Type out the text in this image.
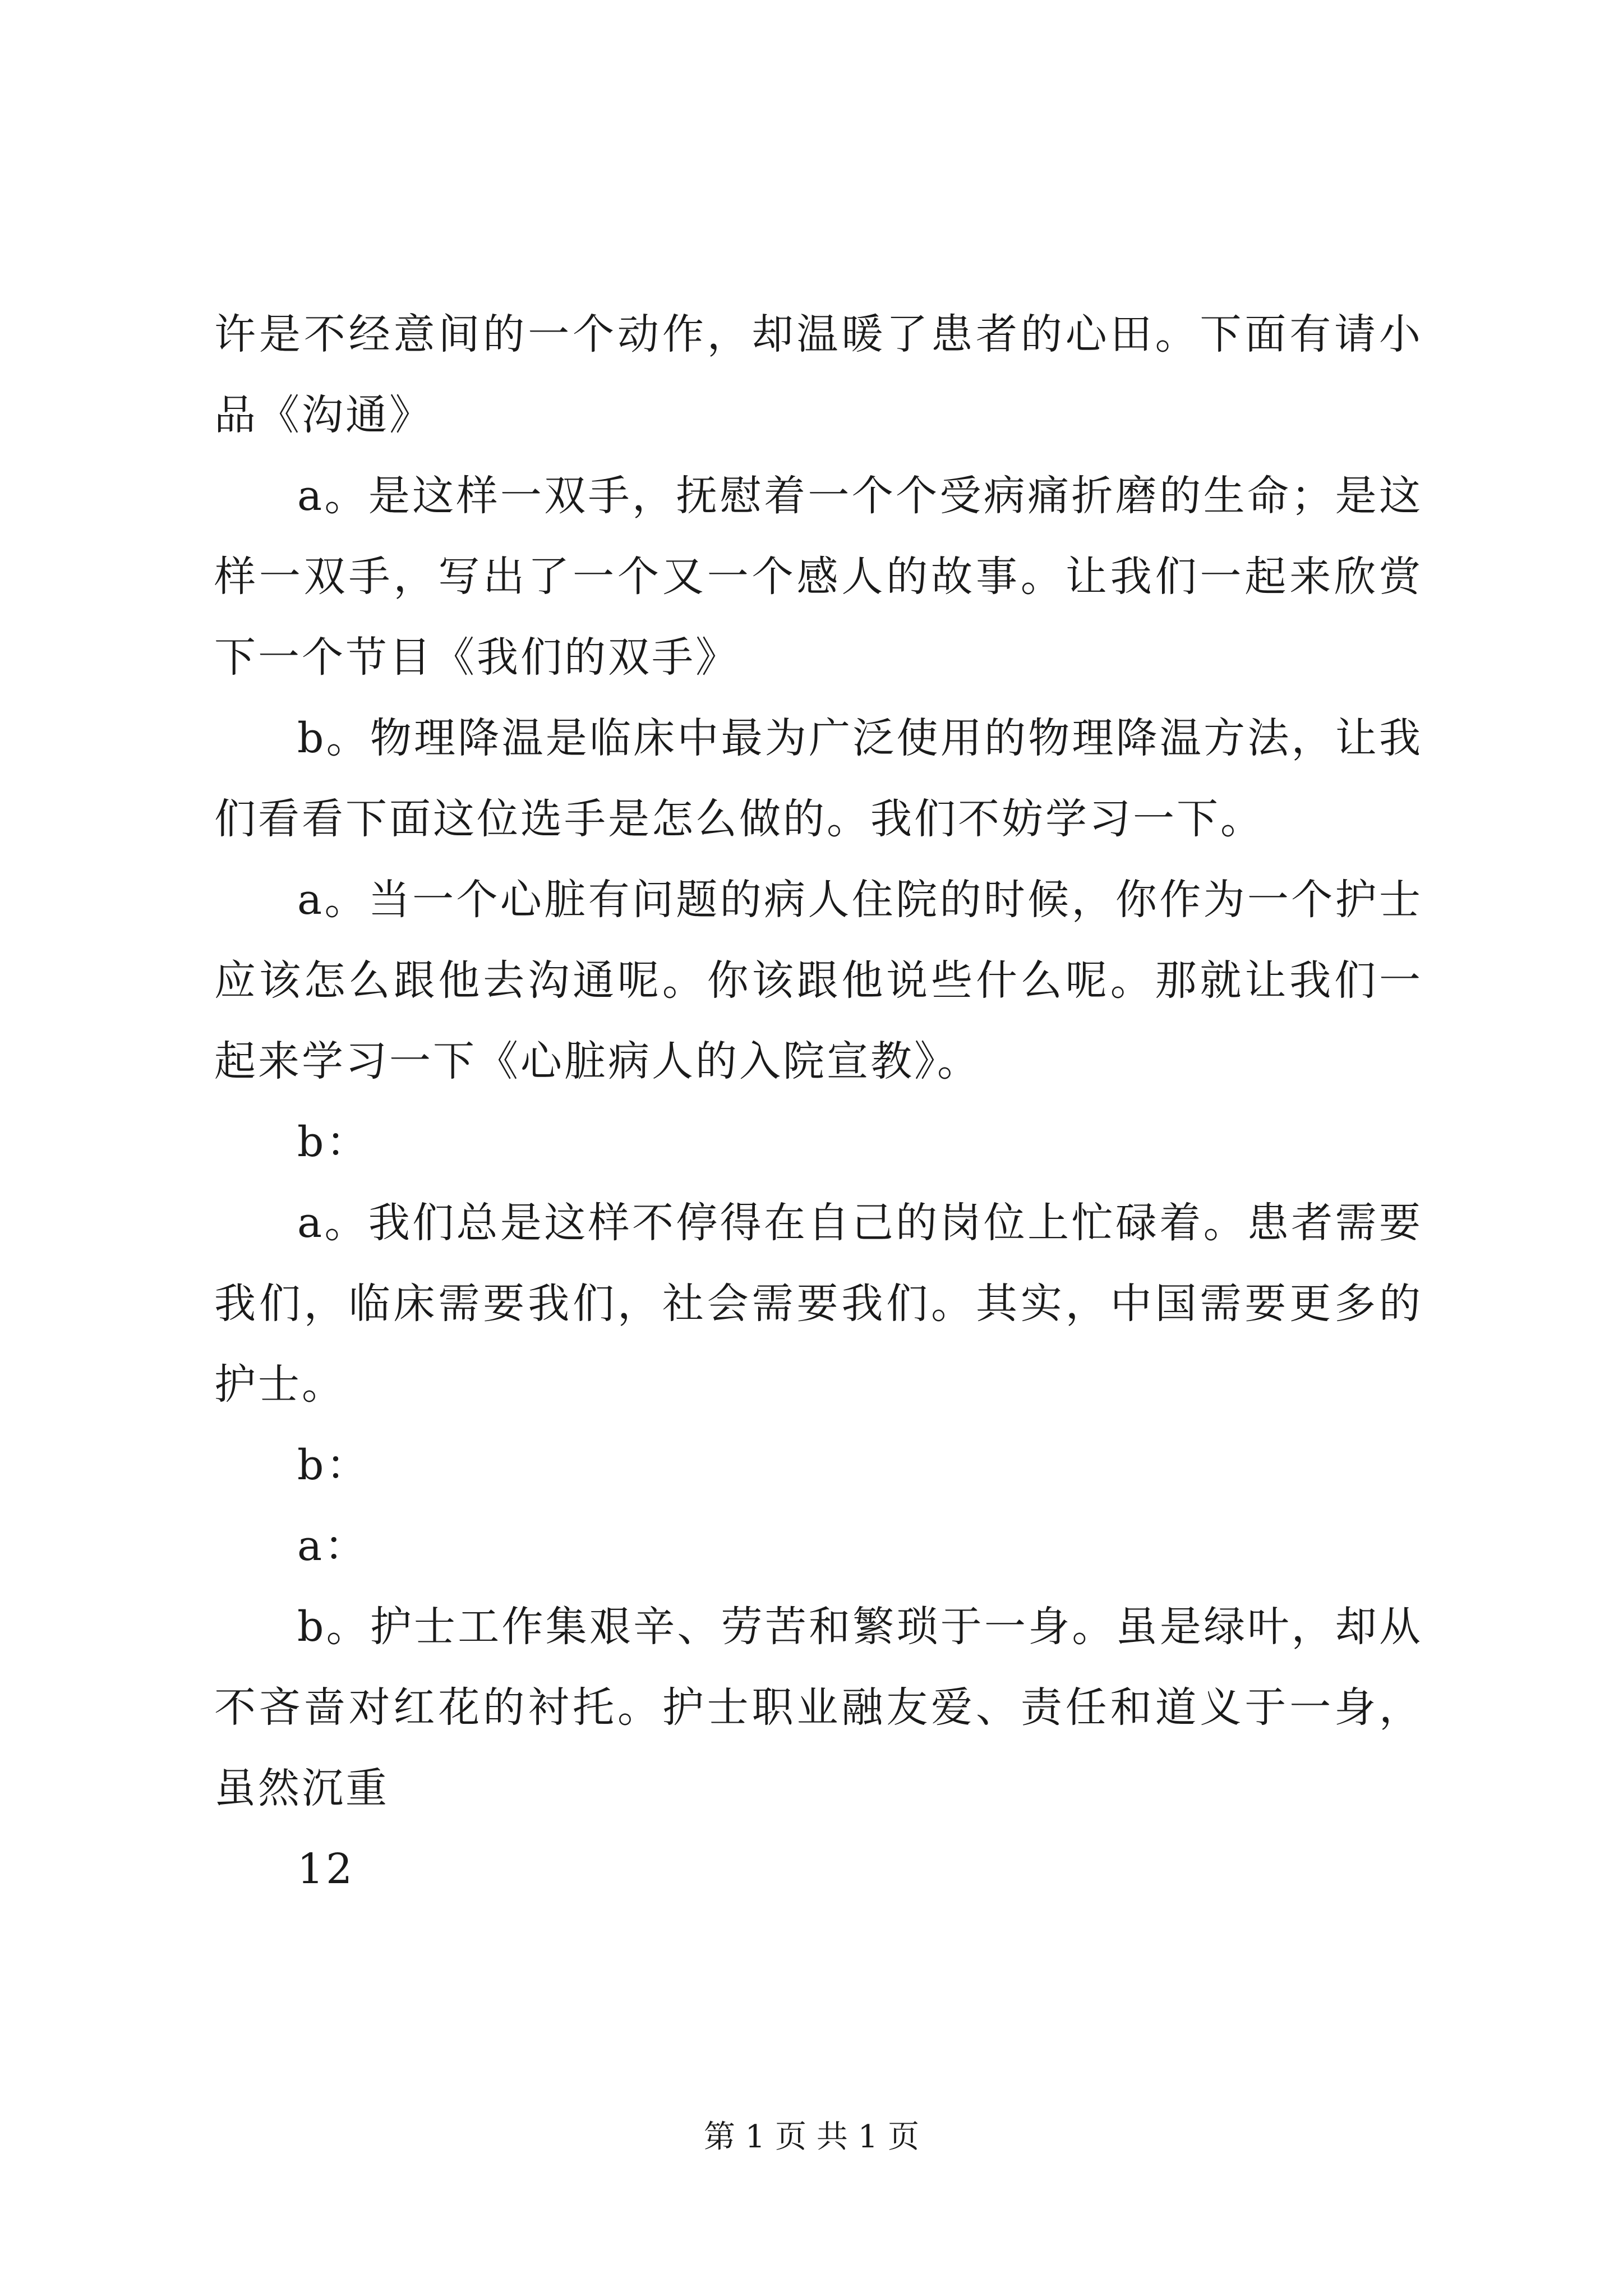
许是不经意间的一个动作，却温暖了患者的心田。下面有请小品《沟通》

a。是这样一双手，抚慰着一个个受病痛折磨的生命；是这样一双手，写出了一个又一个感人的故事。让我们一起来欣赏下一个节目《我们的双手》

b。物理降温是临床中最为广泛使用的物理降温方法，让我们看看下面这位选手是怎么做的。我们不妨学习一下。

a。当一个心脏有问题的病人住院的时候，你作为一个护士应该怎么跟他去沟通呢。你该跟他说些什么呢。那就让我们一起来学习一下《心脏病人的入院宣教》。

b：

a。我们总是这样不停得在自己的岗位上忙碌着。患者需要我们，临床需要我们，社会需要我们。其实，中国需要更多的护士。

b：

a：

b。护士工作集艰辛、劳苦和繁琐于一身。虽是绿叶，却从不吝啬对红花的衬托。护士职业融友爱、责任和道义于一身，虽然沉重

12

第 1 页 共 1 页
